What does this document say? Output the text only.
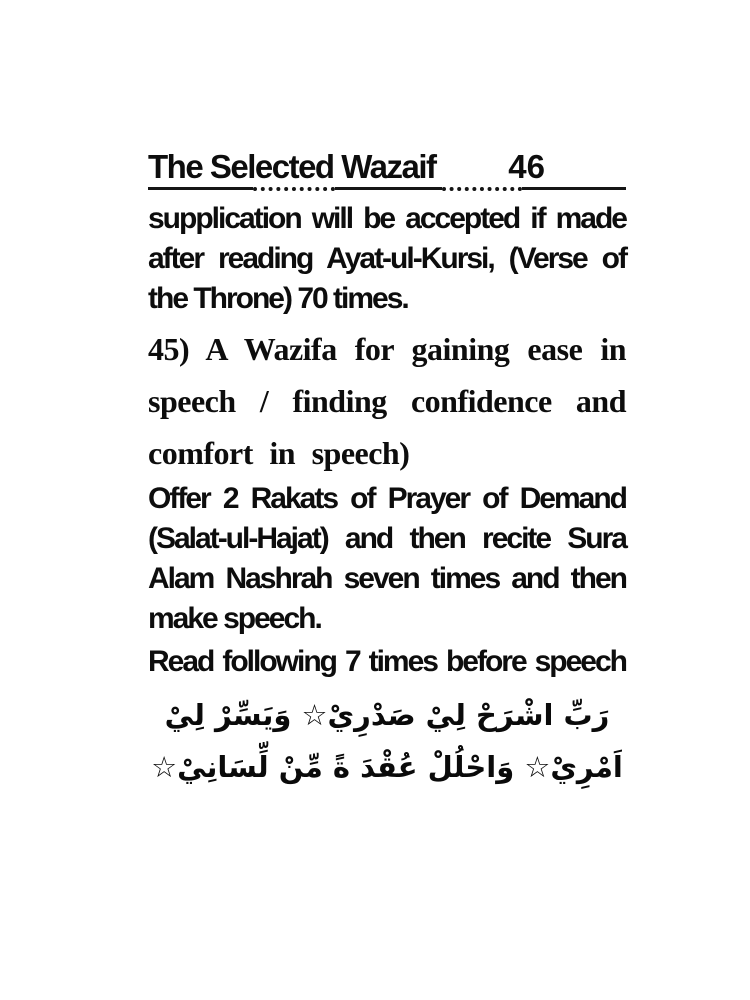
The Selected Wazaif 46
supplication will be accepted if made
after reading Ayat-ul-Kursi, (Verse of
the Throne) 70 times.
45) A Wazifa for gaining ease in
speech / finding confidence and
comfort in speech)
Offer 2 Rakats of Prayer of Demand
(Salat-ul-Hajat) and then recite Sura
Alam Nashrah seven times and then
make speech.
Read following 7 times before speech
رَبِّ اشْرَحْ لِيْ صَدْرِيْ☆ وَيَسِّرْ لِيْ
اَمْرِيْ☆ وَاحْلُلْ عُقْدَ ةً مِّنْ لِّسَانِيْ☆
